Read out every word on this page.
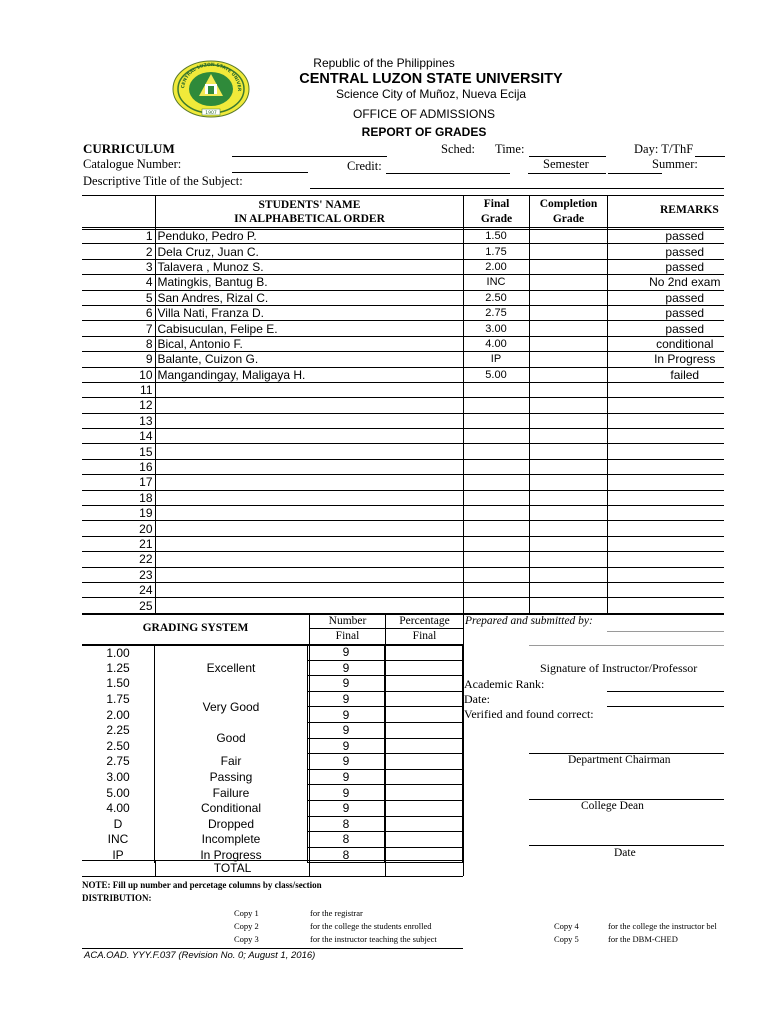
CENTRAL LUZON STATE UNIVER
1907
Republic of the Philippines
CENTRAL LUZON STATE UNIVERSITY
Science City of Muñoz, Nueva Ecija
OFFICE OF ADMISSIONS
REPORT OF GRADES
CURRICULUM	Sched: Time:	Day: T/ThF
Catalogue Number:	Credit:	Semester	Summer:
Descriptive Title of the Subject:
STUDENTS' NAME
IN ALPHABETICAL ORDER
Final
Grade
Completion
Grade
REMARKS
1	Penduko, Pedro P.	1.50		passed
2	Dela Cruz, Juan C.	1.75		passed
3	Talavera , Munoz S.	2.00		passed
4	Matingkis, Bantug B.	INC		No 2nd exam
5	San Andres, Rizal C.	2.50		passed
6	Villa Nati, Franza D.	2.75		passed
7	Cabisuculan, Felipe E.	3.00		passed
8	Bical, Antonio F.	4.00		conditional
9	Balante, Cuizon G.	IP		In Progress
10	Mangandingay, Maligaya H.	5.00		failed
11				
12				
13				
14				
15				
16				
17				
18				
19				
20				
21				
22				
23				
24				
25				
GRADING SYSTEM
Number	Percentage
Final	Final
1.00	Excellent	9	
1.25		9	
1.50		9	
1.75	Very Good	9	
2.00		9	
2.25	Good	9	
2.50		9	
2.75	Fair	9	
3.00	Passing	9	
5.00	Failure	9	
4.00	Conditional	9	
D	Dropped	8	
INC	Incomplete	8	
IP	In Progress	8	
TOTAL
Prepared and submitted by:
Signature of Instructor/Professor
Academic Rank:
Date:
Verified and found correct:
Department Chairman
College Dean
Date
NOTE: Fill up number and percetage columns by class/section
DISTRIBUTION:
Copy 1	for the registrar
Copy 2	for the college the students enrolled
Copy 3	for the instructor teaching the subject
Copy 4	for the college the instructor bel
Copy 5	for the DBM-CHED
ACA.OAD. YYY.F.037 (Revision No. 0; August 1, 2016)
